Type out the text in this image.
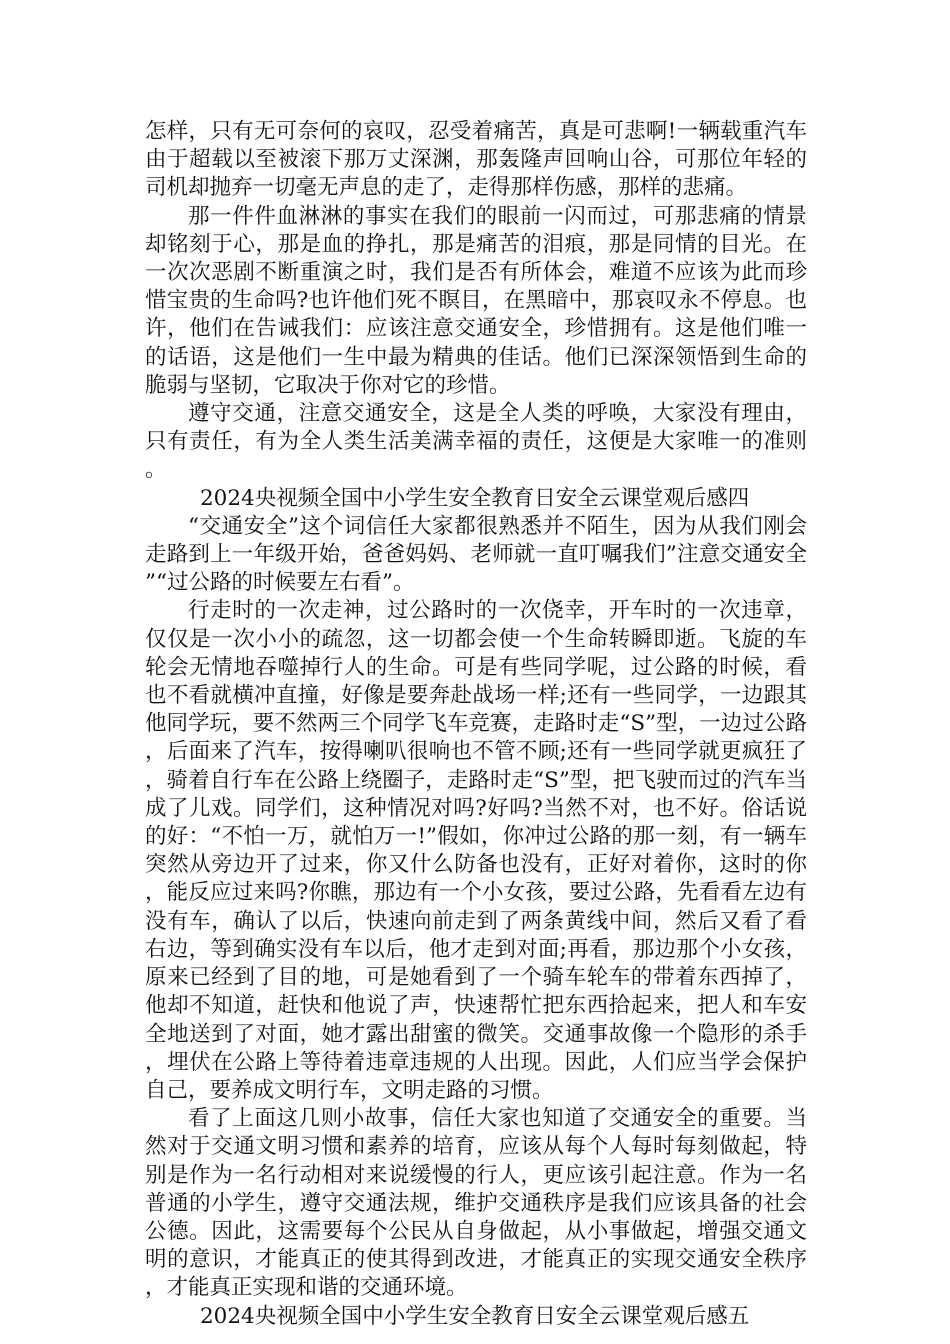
怎样，只有无可奈何的哀叹，忍受着痛苦，真是可悲啊!一辆载重汽车由于超载以至被滚下那万丈深渊，那轰隆声回响山谷，可那位年轻的司机却抛弃一切毫无声息的走了，走得那样伤感，那样的悲痛。

那一件件血淋淋的事实在我们的眼前一闪而过，可那悲痛的情景却铭刻于心，那是血的挣扎，那是痛苦的泪痕，那是同情的目光。在一次次恶剧不断重演之时，我们是否有所体会，难道不应该为此而珍惜宝贵的生命吗?也许他们死不瞑目，在黑暗中，那哀叹永不停息。也许，他们在告诫我们：应该注意交通安全，珍惜拥有。这是他们唯一的话语，这是他们一生中最为精典的佳话。他们已深深领悟到生命的脆弱与坚韧，它取决于你对它的珍惜。

遵守交通，注意交通安全，这是全人类的呼唤，大家没有理由，只有责任，有为全人类生活美满幸福的责任，这便是大家唯一的准则。

2024央视频全国中小学生安全教育日安全云课堂观后感四

“交通安全”这个词信任大家都很熟悉并不陌生，因为从我们刚会走路到上一年级开始，爸爸妈妈、老师就一直叮嘱我们”注意交通安全”“过公路的时候要左右看”。

行走时的一次走神，过公路时的一次侥幸，开车时的一次违章，仅仅是一次小小的疏忽，这一切都会使一个生命转瞬即逝。飞旋的车轮会无情地吞噬掉行人的生命。可是有些同学呢，过公路的时候，看也不看就横冲直撞，好像是要奔赴战场一样;还有一些同学，一边跟其他同学玩，要不然两三个同学飞车竞赛，走路时走“S”型，一边过公路，后面来了汽车，按得喇叭很响也不管不顾;还有一些同学就更疯狂了，骑着自行车在公路上绕圈子，走路时走“S”型，把飞驶而过的汽车当成了儿戏。同学们，这种情况对吗?好吗?当然不对，也不好。俗话说的好：“不怕一万，就怕万一!”假如，你冲过公路的那一刻，有一辆车突然从旁边开了过来，你又什么防备也没有，正好对着你，这时的你，能反应过来吗?你瞧，那边有一个小女孩，要过公路，先看看左边有没有车，确认了以后，快速向前走到了两条黄线中间，然后又看了看右边，等到确实没有车以后，他才走到对面;再看，那边那个小女孩，原来已经到了目的地，可是她看到了一个骑车轮车的带着东西掉了，他却不知道，赶快和他说了声，快速帮忙把东西拾起来，把人和车安全地送到了对面，她才露出甜蜜的微笑。交通事故像一个隐形的杀手，埋伏在公路上等待着违章违规的人出现。因此，人们应当学会保护自己，要养成文明行车，文明走路的习惯。

看了上面这几则小故事，信任大家也知道了交通安全的重要。当然对于交通文明习惯和素养的培育，应该从每个人每时每刻做起，特别是作为一名行动相对来说缓慢的行人，更应该引起注意。作为一名普通的小学生，遵守交通法规，维护交通秩序是我们应该具备的社会公德。因此，这需要每个公民从自身做起，从小事做起，增强交通文明的意识，才能真正的使其得到改进，才能真正的实现交通安全秩序，才能真正实现和谐的交通环境。

2024央视频全国中小学生安全教育日安全云课堂观后感五
